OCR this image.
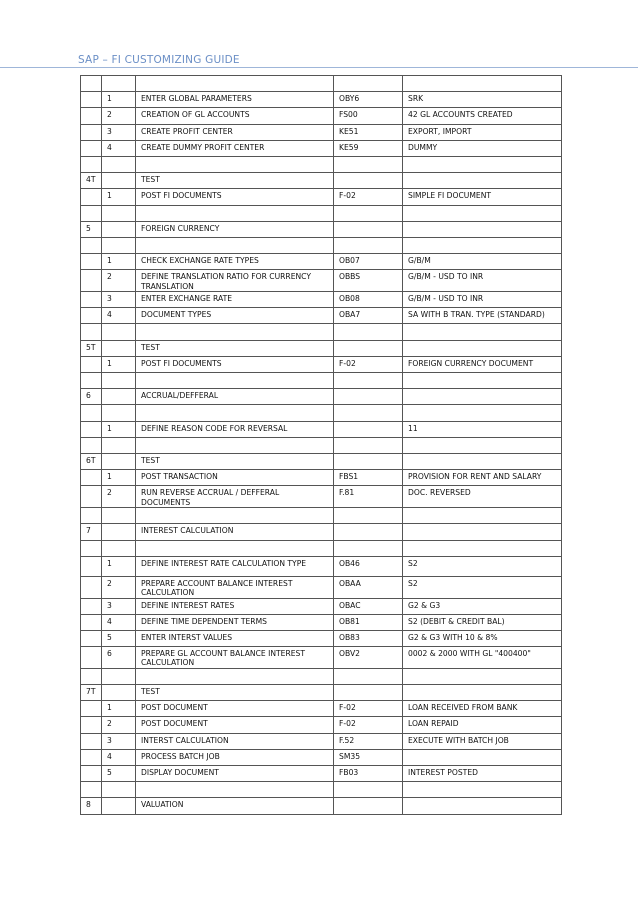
SAP – FI CUSTOMIZING GUIDE

	1	ENTER GLOBAL PARAMETERS	OBY6	SRK
	2	CREATION OF GL ACCOUNTS	FS00	42 GL ACCOUNTS CREATED
	3	CREATE PROFIT CENTER	KE51	EXPORT, IMPORT
	4	CREATE DUMMY PROFIT CENTER	KE59	DUMMY

4T		TEST		
	1	POST FI DOCUMENTS	F-02	SIMPLE FI DOCUMENT

5		FOREIGN CURRENCY		

	1	CHECK EXCHANGE RATE TYPES	OB07	G/B/M
	2	DEFINE TRANSLATION RATIO FOR CURRENCY TRANSLATION	OBBS	G/B/M - USD TO INR
	3	ENTER EXCHANGE RATE	OB08	G/B/M - USD TO INR
	4	DOCUMENT TYPES	OBA7	SA WITH B TRAN. TYPE (STANDARD)

5T		TEST		
	1	POST FI DOCUMENTS	F-02	FOREIGN CURRENCY DOCUMENT

6		ACCRUAL/DEFFERAL		

	1	DEFINE REASON CODE FOR REVERSAL		11

6T		TEST		
	1	POST TRANSACTION	FBS1	PROVISION FOR RENT AND SALARY
	2	RUN REVERSE ACCRUAL / DEFFERAL DOCUMENTS	F.81	DOC. REVERSED

7		INTEREST CALCULATION		

	1	DEFINE INTEREST RATE CALCULATION TYPE	OB46	S2
	2	PREPARE ACCOUNT BALANCE INTEREST CALCULATION	OBAA	S2
	3	DEFINE INTEREST RATES	OBAC	G2 & G3
	4	DEFINE TIME DEPENDENT TERMS	OB81	S2 (DEBIT & CREDIT BAL)
	5	ENTER INTERST VALUES	OB83	G2 & G3 WITH 10 & 8%
	6	PREPARE GL ACCOUNT BALANCE INTEREST CALCULATION	OBV2	0002 & 2000 WITH GL "400400"

7T		TEST		
	1	POST DOCUMENT	F-02	LOAN RECEIVED FROM BANK
	2	POST DOCUMENT	F-02	LOAN REPAID
	3	INTERST CALCULATION	F.52	EXECUTE WITH BATCH JOB
	4	PROCESS BATCH JOB	SM35	
	5	DISPLAY DOCUMENT	FB03	INTEREST POSTED

8		VALUATION		
